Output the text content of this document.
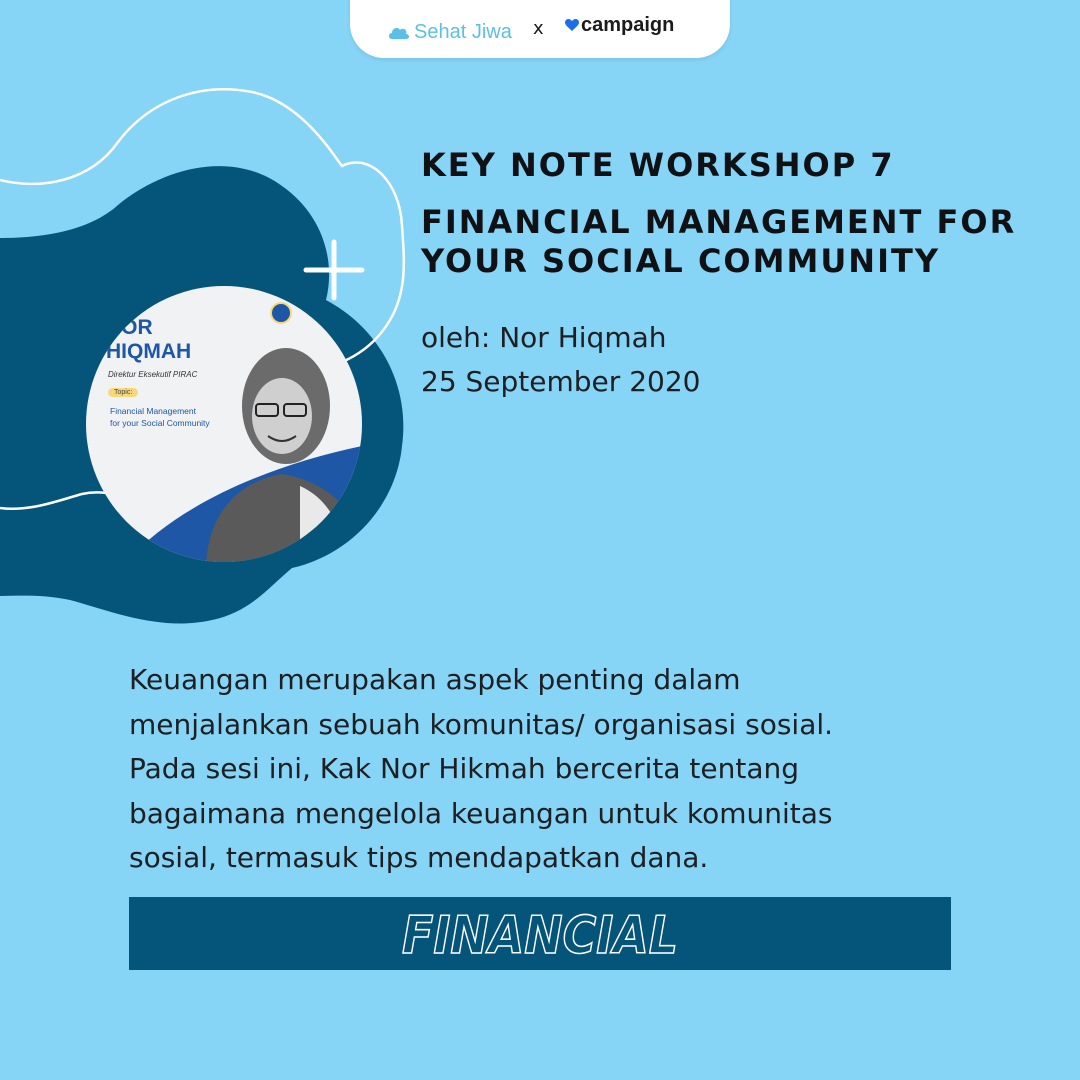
NOR
HIQMAH
Direktur Eksekutif PIRAC
Topic:
Financial Management
for your Social Community
Sehat Jiwa x campaign
KEY NOTE WORKSHOP 7
FINANCIAL MANAGEMENT FOR
YOUR SOCIAL COMMUNITY
oleh: Nor Hiqmah
25 September 2020
Keuangan merupakan aspek penting dalam
menjalankan sebuah komunitas/ organisasi sosial.
Pada sesi ini, Kak Nor Hikmah bercerita tentang
bagaimana mengelola keuangan untuk komunitas
sosial, termasuk tips mendapatkan dana.
FINANCIAL
